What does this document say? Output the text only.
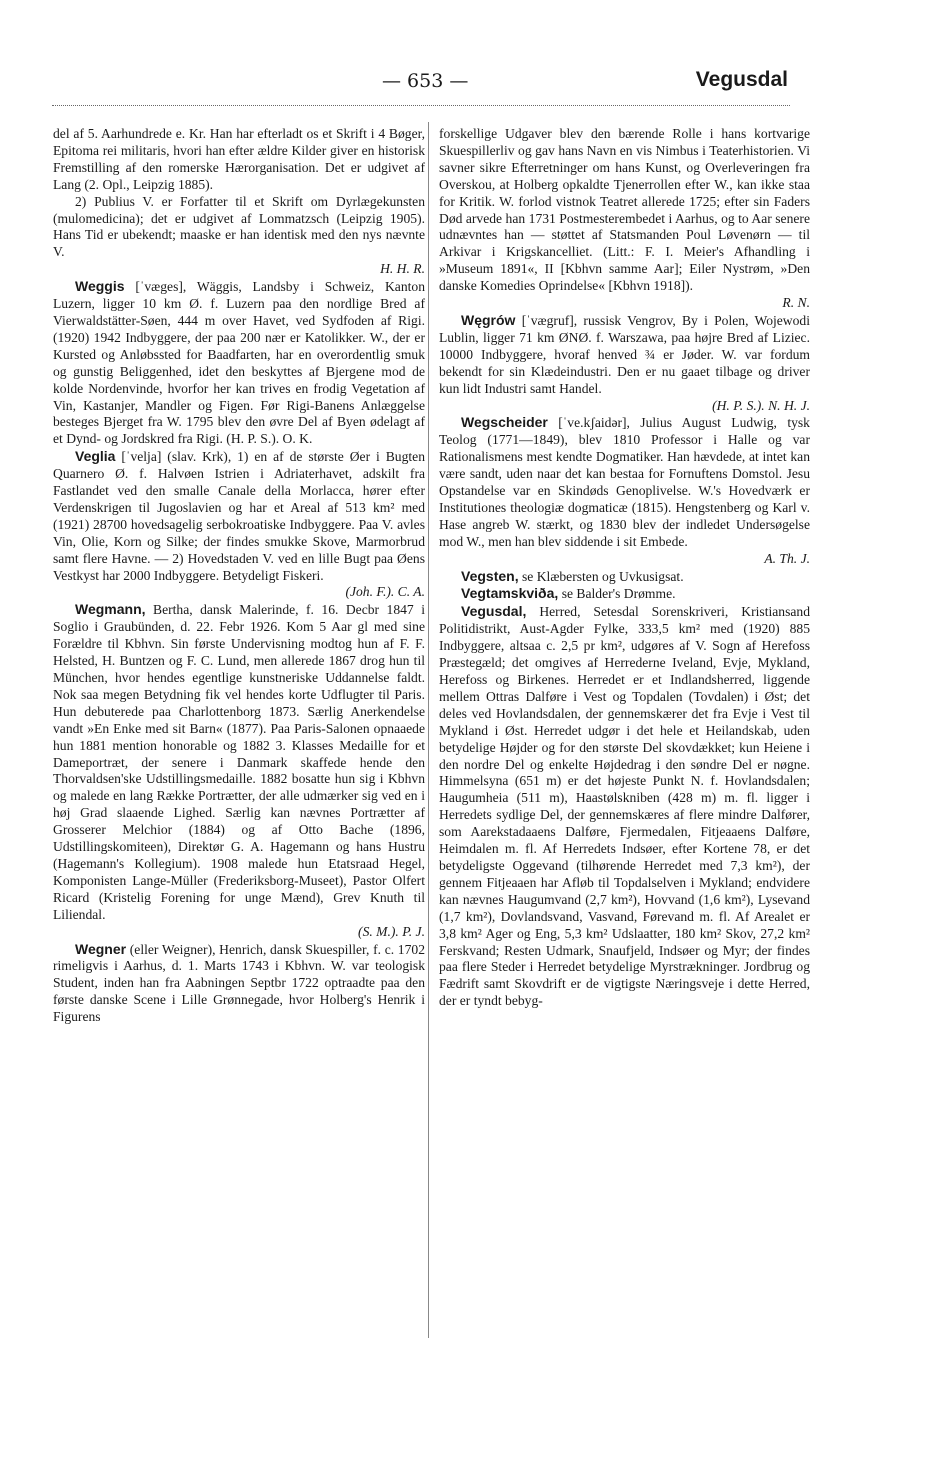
— 653 —	Vegusdal

del af 5. Aarhundrede e. Kr. Han har efterladt os et Skrift i 4 Bøger, Epitoma rei militaris, hvori han efter ældre Kilder giver en historisk Fremstilling af den romerske Hærorganisation. Det er udgivet af Lang (2. Opl., Leipzig 1885).

2) Publius V. er Forfatter til et Skrift om Dyrlægekunsten (mulomedicina); det er udgivet af Lommatzsch (Leipzig 1905). Hans Tid er ubekendt; maaske er han identisk med den nys nævnte V.
H. H. R.

Weggis [ˈvæges], Wäggis, Landsby i Schweiz, Kanton Luzern, ligger 10 km Ø. f. Luzern paa den nordlige Bred af Vierwaldstätter-Søen, 444 m over Havet, ved Sydfoden af Rigi. (1920) 1942 Indbyggere, der paa 200 nær er Katolikker. W., der er Kursted og Anløbssted for Baadfarten, har en overordentlig smuk og gunstig Beliggenhed, idet den beskyttes af Bjergene mod de kolde Nordenvinde, hvorfor her kan trives en frodig Vegetation af Vin, Kastanjer, Mandler og Figen. Før Rigi-Banens Anlæggelse besteges Bjerget fra W. 1795 blev den øvre Del af Byen ødelagt af et Dynd- og Jordskred fra Rigi. (H. P. S.). O. K.

Veglia [ˈvelja] (slav. Krk), 1) en af de største Øer i Bugten Quarnero Ø. f. Halvøen Istrien i Adriaterhavet, adskilt fra Fastlandet ved den smalle Canale della Morlacca, hører efter Verdenskrigen til Jugoslavien og har et Areal af 513 km² med (1921) 28700 hovedsagelig serbokroatiske Indbyggere. Paa V. avles Vin, Olie, Korn og Silke; der findes smukke Skove, Marmorbrud samt flere Havne. — 2) Hovedstaden V. ved en lille Bugt paa Øens Vestkyst har 2000 Indbyggere. Betydeligt Fiskeri.
(Joh. F.). C. A.

Wegmann, Bertha, dansk Malerinde, f. 16. Decbr 1847 i Soglio i Graubünden, d. 22. Febr 1926. Kom 5 Aar gl med sine Forældre til Kbhvn. Sin første Undervisning modtog hun af F. F. Helsted, H. Buntzen og F. C. Lund, men allerede 1867 drog hun til München, hvor hendes egentlige kunstneriske Uddannelse faldt. Nok saa megen Betydning fik vel hendes korte Udflugter til Paris. Hun debuterede paa Charlottenborg 1873. Særlig Anerkendelse vandt »En Enke med sit Barn« (1877). Paa Paris-Salonen opnaaede hun 1881 mention honorable og 1882 3. Klasses Medaille for et Dameportræt, der senere i Danmark skaffede hende den Thorvaldsen'ske Udstillingsmedaille. 1882 bosatte hun sig i Kbhvn og malede en lang Række Portrætter, der alle udmærker sig ved en i høj Grad slaaende Lighed. Særlig kan nævnes Portrætter af Grosserer Melchior (1884) og af Otto Bache (1896, Udstillingskomiteen), Direktør G. A. Hagemann og hans Hustru (Hagemann's Kollegium). 1908 malede hun Etatsraad Hegel, Komponisten Lange-Müller (Frederiksborg-Museet), Pastor Olfert Ricard (Kristelig Forening for unge Mænd), Grev Knuth til Liliendal.
(S. M.). P. J.

Wegner (eller Weigner), Henrich, dansk Skuespiller, f. c. 1702 rimeligvis i Aarhus, d. 1. Marts 1743 i Kbhvn. W. var teologisk Student, inden han fra Aabningen Septbr 1722 optraadte paa den første danske Scene i Lille Grønnegade, hvor Holberg's Henrik i Figurens

forskellige Udgaver blev den bærende Rolle i hans kortvarige Skuespillerliv og gav hans Navn en vis Nimbus i Teaterhistorien. Vi savner sikre Efterretninger om hans Kunst, og Overleveringen fra Overskou, at Holberg opkaldte Tjenerrollen efter W., kan ikke staa for Kritik. W. forlod vistnok Teatret allerede 1725; efter sin Faders Død arvede han 1731 Postmesterembedet i Aarhus, og to Aar senere udnævntes han — støttet af Statsmanden Poul Løvenørn — til Arkivar i Krigskancelliet. (Litt.: F. I. Meier's Afhandling i »Museum 1891«, II [Kbhvn samme Aar]; Eiler Nystrøm, »Den danske Komedies Oprindelse« [Kbhvn 1918]).
R. N.

Węgrów [ˈvægruf], russisk Vengrov, By i Polen, Wojewodi Lublin, ligger 71 km ØNØ. f. Warszawa, paa højre Bred af Liziec. 10000 Indbyggere, hvoraf henved ¾ er Jøder. W. var fordum bekendt for sin Klædeindustri. Den er nu gaaet tilbage og driver kun lidt Industri samt Handel.
(H. P. S.). N. H. J.

Wegscheider [ˈve.kʃaidər], Julius August Ludwig, tysk Teolog (1771—1849), blev 1810 Professor i Halle og var Rationalismens mest kendte Dogmatiker. Han hævdede, at intet kan være sandt, uden naar det kan bestaa for Fornuftens Domstol. Jesu Opstandelse var en Skindøds Genoplivelse. W.'s Hovedværk er Institutiones theologiæ dogmaticæ (1815). Hengstenberg og Karl v. Hase angreb W. stærkt, og 1830 blev der indledet Undersøgelse mod W., men han blev siddende i sit Embede.
A. Th. J.

Vegsten, se Klæbersten og Uvkusigsat.

Vegtamskviða, se Balder's Drømme.

Vegusdal, Herred, Setesdal Sorenskriveri, Kristiansand Politidistrikt, Aust-Agder Fylke, 333,5 km² med (1920) 885 Indbyggere, altsaa c. 2,5 pr km², udgøres af V. Sogn af Herefoss Præstegæld; det omgives af Herrederne Iveland, Evje, Mykland, Herefoss og Birkenes. Herredet er et Indlandsherred, liggende mellem Ottras Dalføre i Vest og Topdalen (Tovdalen) i Øst; det deles ved Hovlandsdalen, der gennemskærer det fra Evje i Vest til Mykland i Øst. Herredet udgør i det hele et Heilandskab, uden betydelige Højder og for den største Del skovdækket; kun Heiene i den nordre Del og enkelte Højdedrag i den søndre Del er nøgne. Himmelsyna (651 m) er det højeste Punkt N. f. Hovlandsdalen; Haugumheia (511 m), Haastølskniben (428 m) m. fl. ligger i Herredets sydlige Del, der gennemskæres af flere mindre Dalfører, som Aarekstadaaens Dalføre, Fjermedalen, Fitjeaaens Dalføre, Heimdalen m. fl. Af Herredets Indsøer, efter Kortene 78, er det betydeligste Oggevand (tilhørende Herredet med 7,3 km²), der gennem Fitjeaaen har Afløb til Topdalselven i Mykland; endvidere kan nævnes Haugumvand (2,7 km²), Hovvand (1,6 km²), Lysevand (1,7 km²), Dovlandsvand, Vasvand, Førevand m. fl. Af Arealet er 3,8 km² Ager og Eng, 5,3 km² Udslaatter, 180 km² Skov, 27,2 km² Ferskvand; Resten Udmark, Snaufjeld, Indsøer og Myr; der findes paa flere Steder i Herredet betydelige Myrstrækninger. Jordbrug og Fædrift samt Skovdrift er de vigtigste Næringsveje i dette Herred, der er tyndt bebyg-
